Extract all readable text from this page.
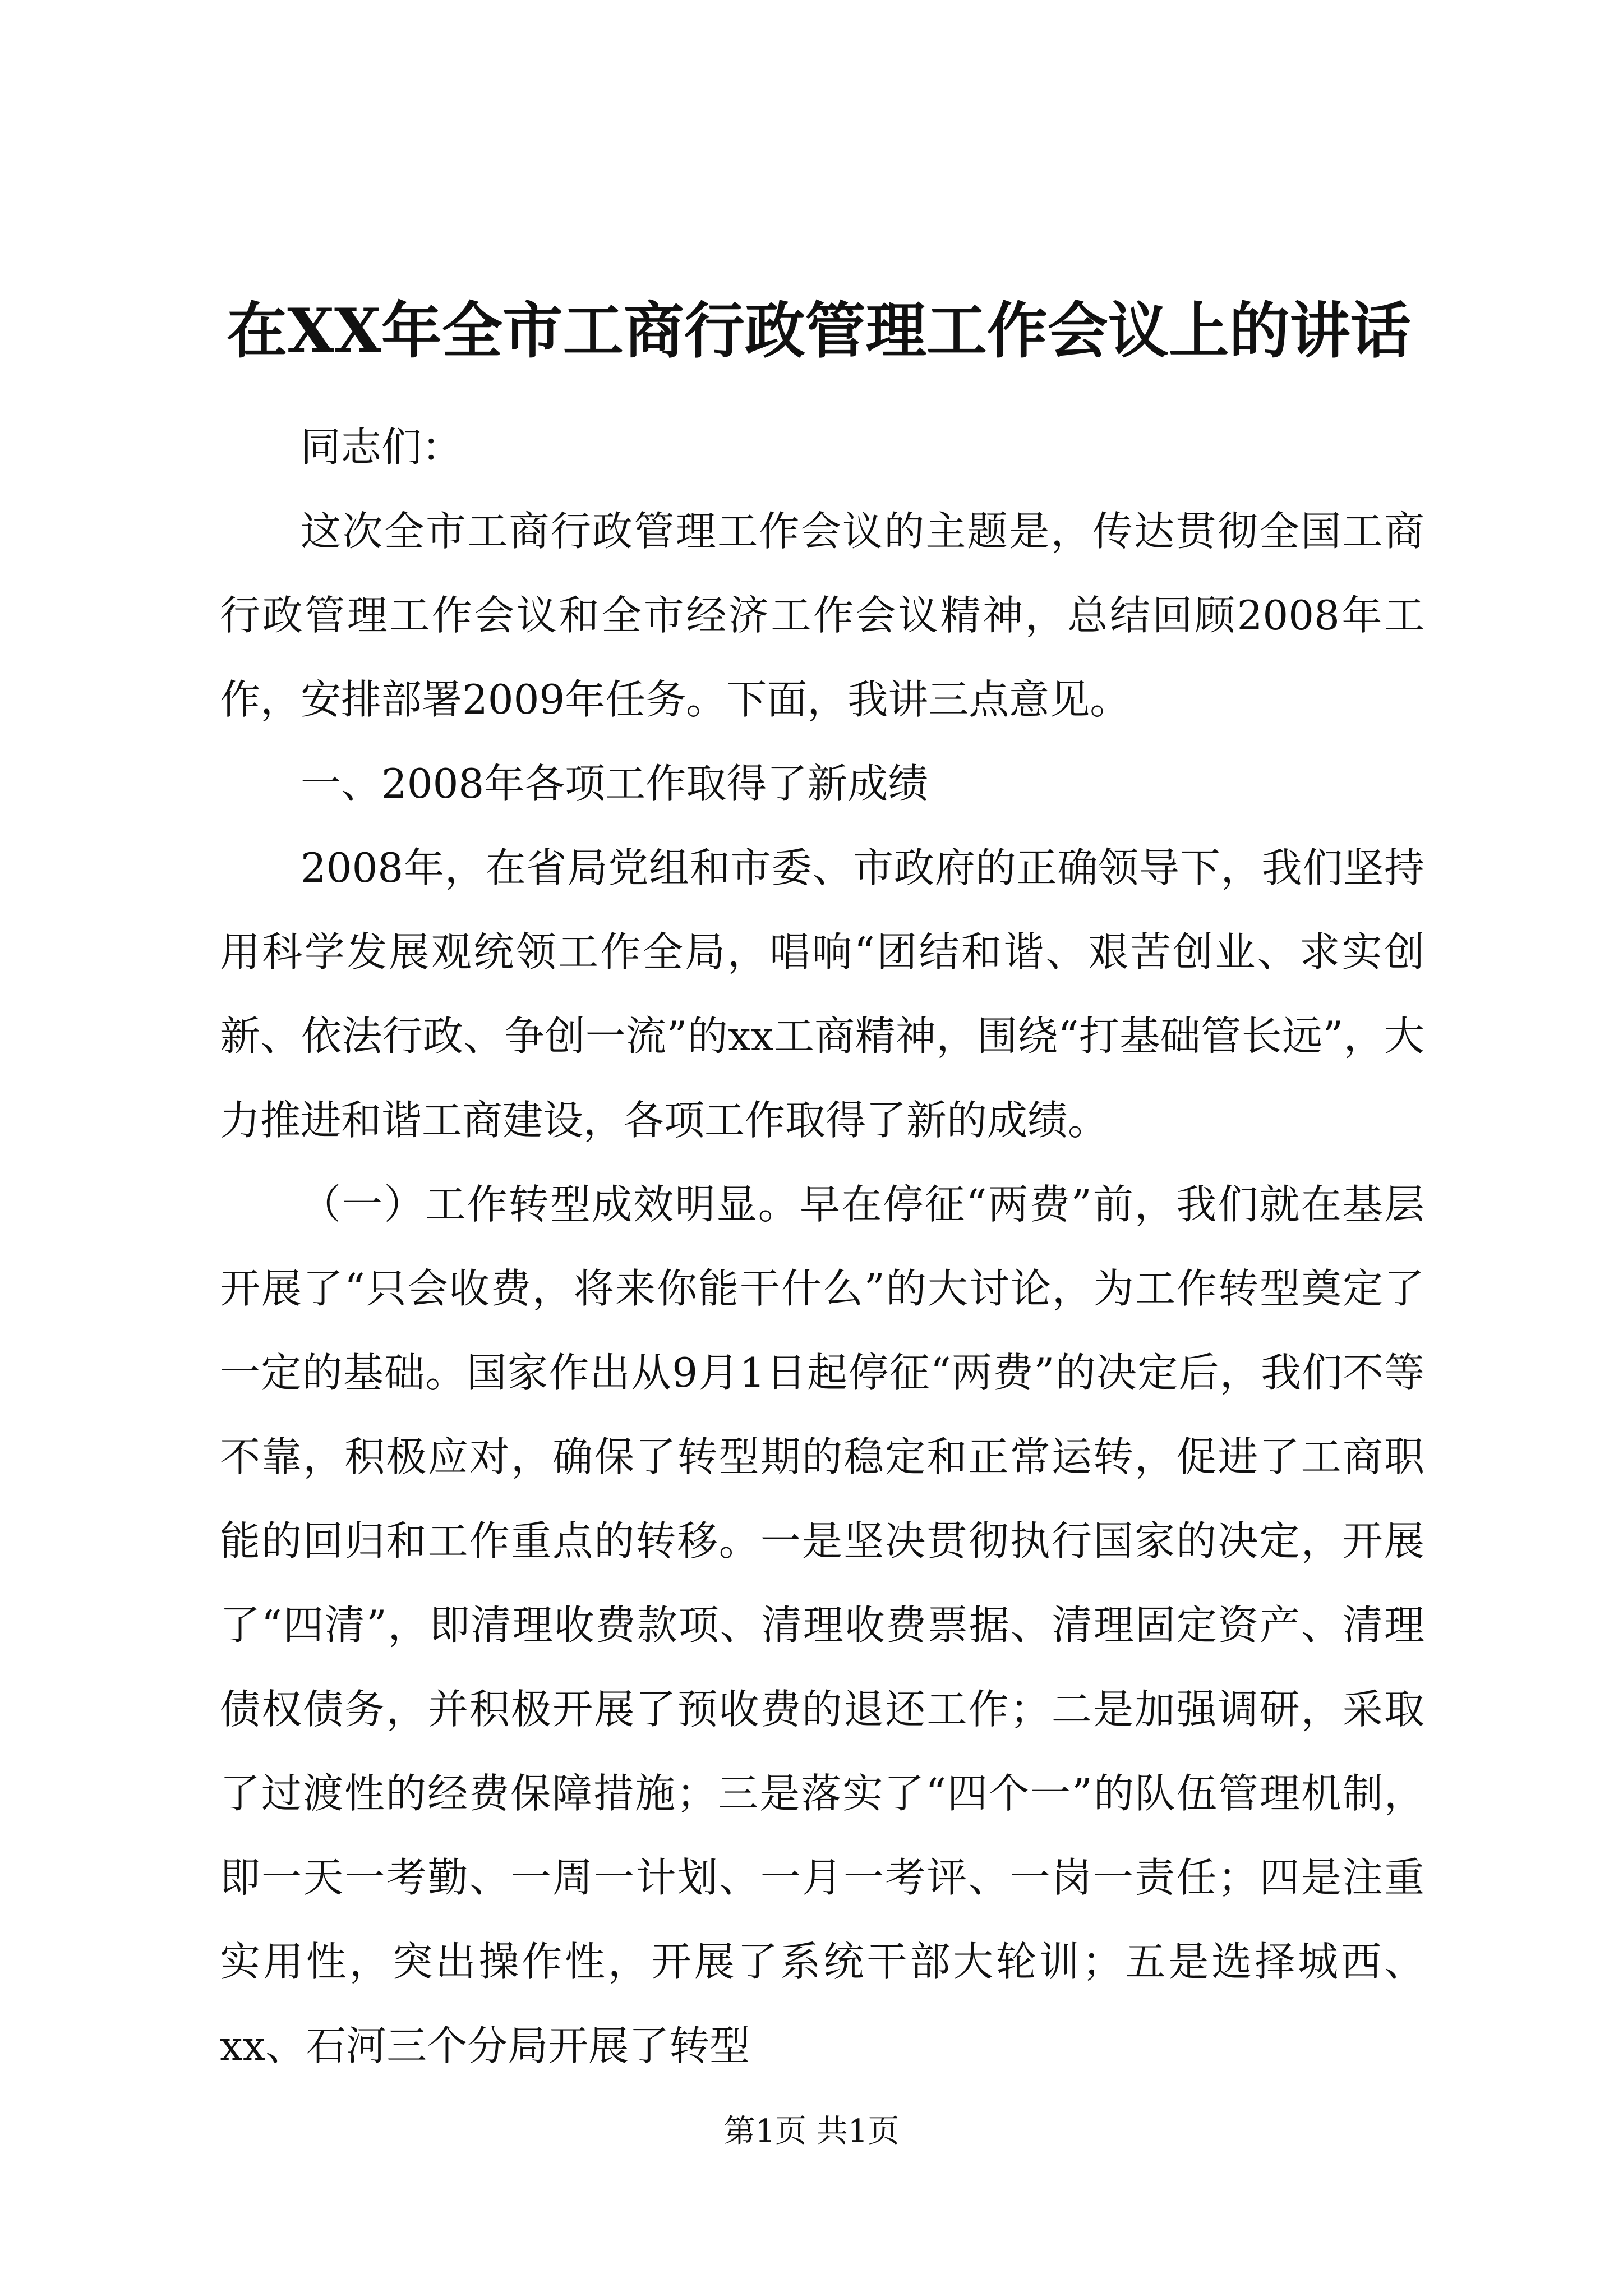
在XX年全市工商行政管理工作会议上的讲话

同志们：

这次全市工商行政管理工作会议的主题是，传达贯彻全国工商行政管理工作会议和全市经济工作会议精神，总结回顾2008年工作，安排部署2009年任务。下面，我讲三点意见。

一、2008年各项工作取得了新成绩

2008年，在省局党组和市委、市政府的正确领导下，我们坚持用科学发展观统领工作全局，唱响“团结和谐、艰苦创业、求实创新、依法行政、争创一流”的xx工商精神，围绕“打基础管长远”，大力推进和谐工商建设，各项工作取得了新的成绩。

（一）工作转型成效明显。早在停征“两费”前，我们就在基层开展了“只会收费，将来你能干什么”的大讨论，为工作转型奠定了一定的基础。国家作出从9月1日起停征“两费”的决定后，我们不等不靠，积极应对，确保了转型期的稳定和正常运转，促进了工商职能的回归和工作重点的转移。一是坚决贯彻执行国家的决定，开展了“四清”，即清理收费款项、清理收费票据、清理固定资产、清理债权债务，并积极开展了预收费的退还工作；二是加强调研，采取了过渡性的经费保障措施；三是落实了“四个一”的队伍管理机制，即一天一考勤、一周一计划、一月一考评、一岗一责任；四是注重实用性，突出操作性，开展了系统干部大轮训；五是选择城西、xx、石河三个分局开展了转型

第1页 共1页
